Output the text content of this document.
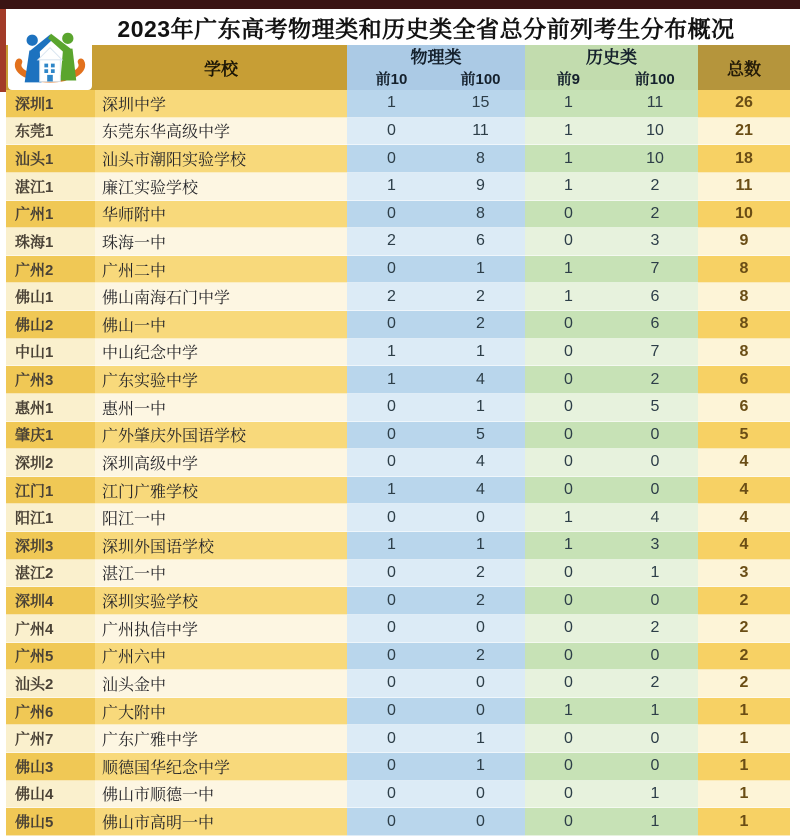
2023年广东高考物理类和历史类全省总分前列考生分布概况
学校
物理类
前10	前100
历史类
前9	前100
总数
深圳1	深圳中学	1	15	1	11	26
东莞1	东莞东华高级中学	0	11	1	10	21
汕头1	汕头市潮阳实验学校	0	8	1	10	18
湛江1	廉江实验学校	1	9	1	2	11
广州1	华师附中	0	8	0	2	10
珠海1	珠海一中	2	6	0	3	9
广州2	广州二中	0	1	1	7	8
佛山1	佛山南海石门中学	2	2	1	6	8
佛山2	佛山一中	0	2	0	6	8
中山1	中山纪念中学	1	1	0	7	8
广州3	广东实验中学	1	4	0	2	6
惠州1	惠州一中	0	1	0	5	6
肇庆1	广外肇庆外国语学校	0	5	0	0	5
深圳2	深圳高级中学	0	4	0	0	4
江门1	江门广雅学校	1	4	0	0	4
阳江1	阳江一中	0	0	1	4	4
深圳3	深圳外国语学校	1	1	1	3	4
湛江2	湛江一中	0	2	0	1	3
深圳4	深圳实验学校	0	2	0	0	2
广州4	广州执信中学	0	0	0	2	2
广州5	广州六中	0	2	0	0	2
汕头2	汕头金中	0	0	0	2	2
广州6	广大附中	0	0	1	1	1
广州7	广东广雅中学	0	1	0	0	1
佛山3	顺德国华纪念中学	0	1	0	0	1
佛山4	佛山市顺德一中	0	0	0	1	1
佛山5	佛山市高明一中	0	0	0	1	1
